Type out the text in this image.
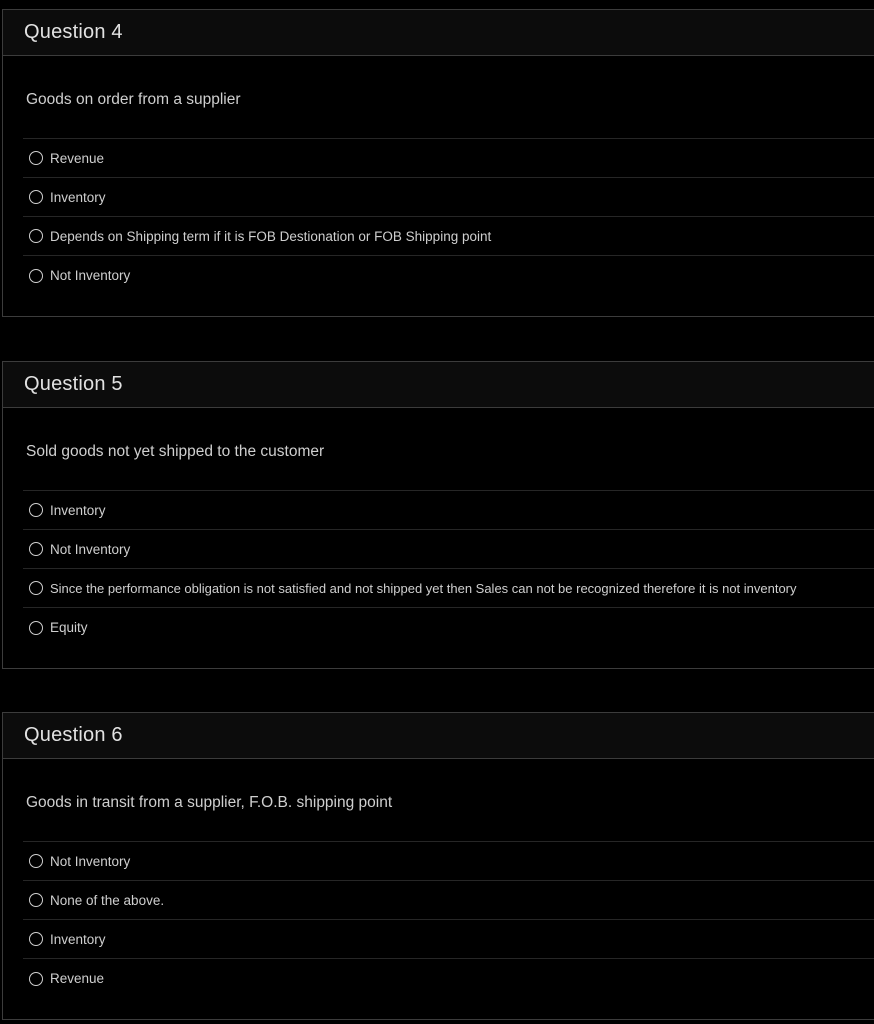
Question 4
Goods on order from a supplier
Revenue
Inventory
Depends on Shipping term if it is FOB Destionation or FOB Shipping point
Not Inventory
Question 5
Sold goods not yet shipped to the customer
Inventory
Not Inventory
Since the performance obligation is not satisfied and not shipped yet then Sales can not be recognized therefore it is not inventory
Equity
Question 6
Goods in transit from a supplier, F.O.B. shipping point
Not Inventory
None of the above.
Inventory
Revenue
